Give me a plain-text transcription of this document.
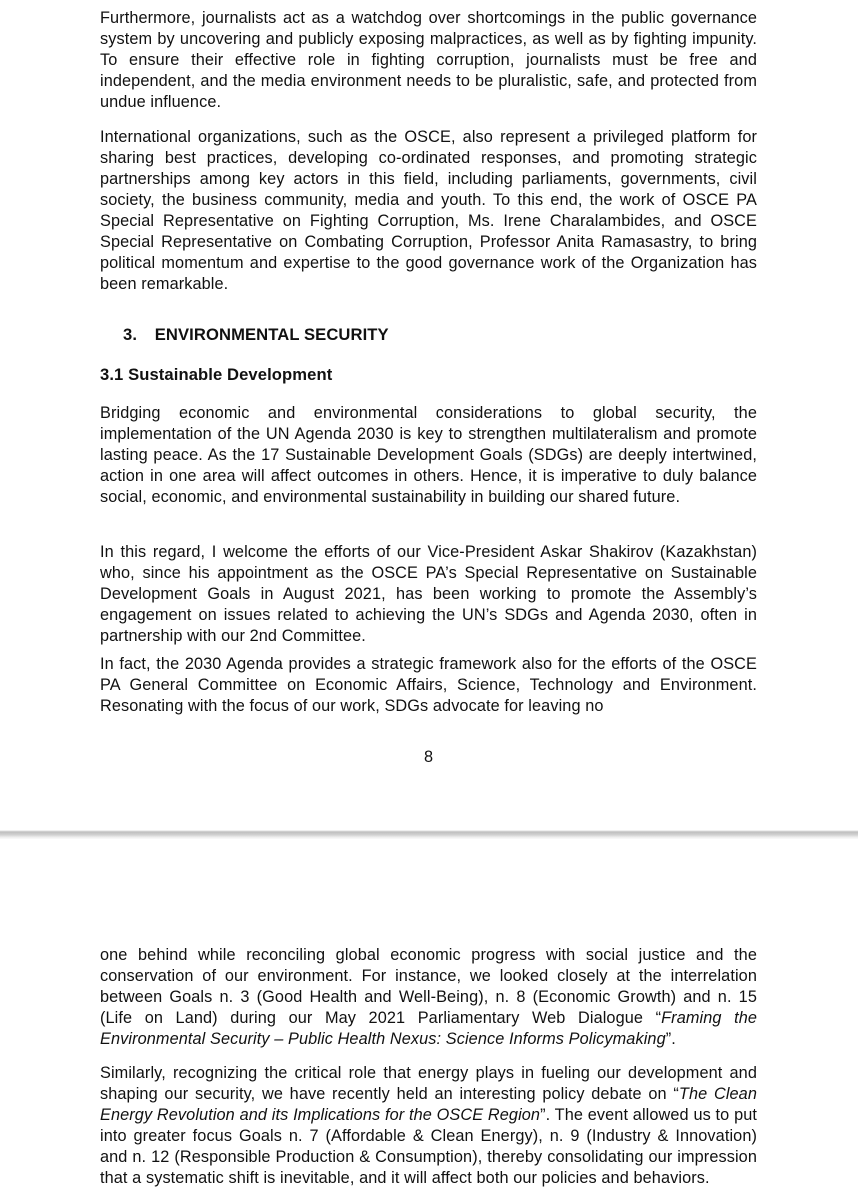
Furthermore, journalists act as a watchdog over shortcomings in the public governance system by uncovering and publicly exposing malpractices, as well as by fighting impunity. To ensure their effective role in fighting corruption, journalists must be free and independent, and the media environment needs to be pluralistic, safe, and protected from undue influence.

International organizations, such as the OSCE, also represent a privileged platform for sharing best practices, developing co-ordinated responses, and promoting strategic partnerships among key actors in this field, including parliaments, governments, civil society, the business community, media and youth. To this end, the work of OSCE PA Special Representative on Fighting Corruption, Ms. Irene Charalambides, and OSCE Special Representative on Combating Corruption, Professor Anita Ramasastry, to bring political momentum and expertise to the good governance work of the Organization has been remarkable.

3. ENVIRONMENTAL SECURITY
3.1 Sustainable Development

Bridging economic and environmental considerations to global security, the implementation of the UN Agenda 2030 is key to strengthen multilateralism and promote lasting peace. As the 17 Sustainable Development Goals (SDGs) are deeply intertwined, action in one area will affect outcomes in others. Hence, it is imperative to duly balance social, economic, and environmental sustainability in building our shared future.

In this regard, I welcome the efforts of our Vice-President Askar Shakirov (Kazakhstan) who, since his appointment as the OSCE PA’s Special Representative on Sustainable Development Goals in August 2021, has been working to promote the Assembly’s engagement on issues related to achieving the UN’s SDGs and Agenda 2030, often in partnership with our 2nd Committee.

In fact, the 2030 Agenda provides a strategic framework also for the efforts of the OSCE PA General Committee on Economic Affairs, Science, Technology and Environment. Resonating with the focus of our work, SDGs advocate for leaving no

8

one behind while reconciling global economic progress with social justice and the conservation of our environment. For instance, we looked closely at the interrelation between Goals n. 3 (Good Health and Well-Being), n. 8 (Economic Growth) and n. 15 (Life on Land) during our May 2021 Parliamentary Web Dialogue “Framing the Environmental Security – Public Health Nexus: Science Informs Policymaking”.

Similarly, recognizing the critical role that energy plays in fueling our development and shaping our security, we have recently held an interesting policy debate on “The Clean Energy Revolution and its Implications for the OSCE Region”. The event allowed us to put into greater focus Goals n. 7 (Affordable & Clean Energy), n. 9 (Industry & Innovation) and n. 12 (Responsible Production & Consumption), thereby consolidating our impression that a systematic shift is inevitable, and it will affect both our policies and behaviors.
